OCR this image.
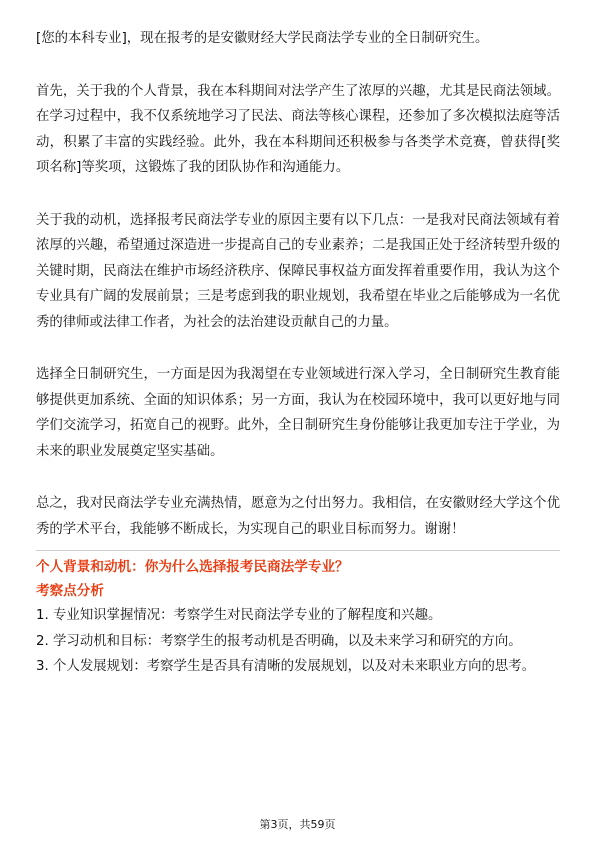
[您的本科专业]，现在报考的是安徽财经大学民商法学专业的全日制研究生。

首先，关于我的个人背景，我在本科期间对法学产生了浓厚的兴趣，尤其是民商法领域。在学习过程中，我不仅系统地学习了民法、商法等核心课程，还参加了多次模拟法庭等活动，积累了丰富的实践经验。此外，我在本科期间还积极参与各类学术竞赛，曾获得[奖项名称]等奖项，这锻炼了我的团队协作和沟通能力。

关于我的动机，选择报考民商法学专业的原因主要有以下几点：一是我对民商法领域有着浓厚的兴趣，希望通过深造进一步提高自己的专业素养；二是我国正处于经济转型升级的关键时期，民商法在维护市场经济秩序、保障民事权益方面发挥着重要作用，我认为这个专业具有广阔的发展前景；三是考虑到我的职业规划，我希望在毕业之后能够成为一名优秀的律师或法律工作者，为社会的法治建设贡献自己的力量。

选择全日制研究生，一方面是因为我渴望在专业领域进行深入学习，全日制研究生教育能够提供更加系统、全面的知识体系；另一方面，我认为在校园环境中，我可以更好地与同学们交流学习，拓宽自己的视野。此外，全日制研究生身份能够让我更加专注于学业，为未来的职业发展奠定坚实基础。

总之，我对民商法学专业充满热情，愿意为之付出努力。我相信，在安徽财经大学这个优秀的学术平台，我能够不断成长，为实现自己的职业目标而努力。谢谢！

个人背景和动机：你为什么选择报考民商法学专业？

考察点分析

1. 专业知识掌握情况：考察学生对民商法学专业的了解程度和兴趣。

2. 学习动机和目标：考察学生的报考动机是否明确，以及未来学习和研究的方向。

3. 个人发展规划：考察学生是否具有清晰的发展规划，以及对未来职业方向的思考。

第3页，共59页
